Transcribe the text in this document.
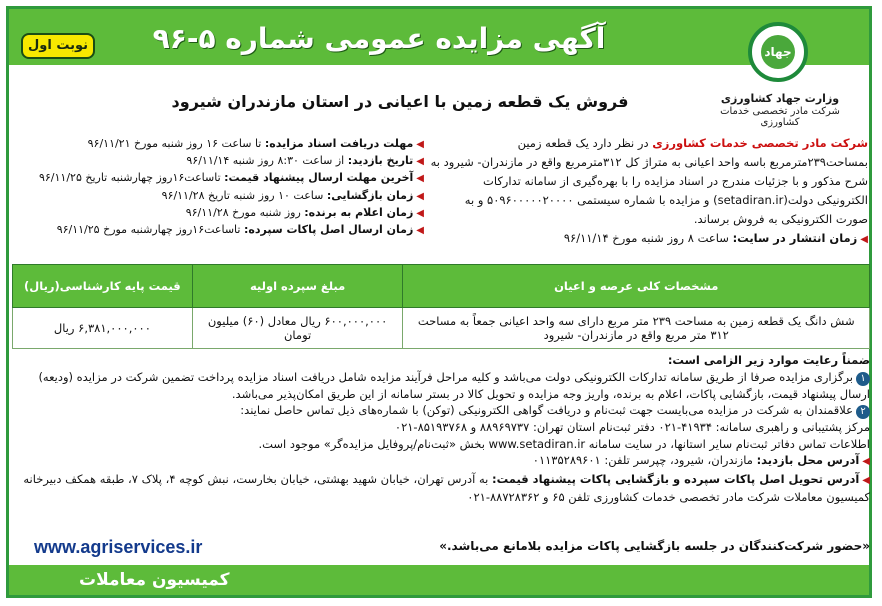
آگهی مزایده عمومی شماره ۵-۹۶
نوبت اول	جهاد
وزارت جهاد کشاورزی
شرکت مادر تخصصی خدمات کشاورزی
فروش یک قطعه زمین با اعیانی در استان مازندران شیرود
شرکت مادر تخصصی خدمات کشاورزی در نظر دارد یک قطعه زمین بمساحت۲۳۹مترمربع باسه واحد اعیانی به متراژ کل ۳۱۲مترمربع واقع در مازندران- شیرود به شرح مذکور و با جزئیات مندرج در اسناد مزایده را با بهره‌گیری از سامانه تدارکات الکترونیکی دولت(setadiran.ir) و مزایده با شماره سیستمی ۵۰۹۶۰۰۰۰۰۲۰۰۰۰ و به صورت الکترونیکی به فروش برساند.
◀زمان انتشار در سایت: ساعت ۸ روز شنبه مورخ ۹۶/۱۱/۱۴
◀مهلت دریافت اسناد مزایده: تا ساعت ۱۶ روز شنبه مورخ ۹۶/۱۱/۲۱
◀تاریخ بازدید: از ساعت ۸:۳۰ روز شنبه ۹۶/۱۱/۱۴
◀آخرین مهلت ارسال پیشنهاد قیمت: تاساعت۱۶روز چهارشنبه تاریخ ۹۶/۱۱/۲۵
◀زمان بازگشایی: ساعت ۱۰ روز شنبه تاریخ ۹۶/۱۱/۲۸
◀زمان اعلام به برنده: روز شنبه مورخ ۹۶/۱۱/۲۸
◀زمان ارسال اصل پاکات سپرده: تاساعت۱۶روز چهارشنبه مورخ ۹۶/۱۱/۲۵
مشخصات کلی عرصه و اعیان	مبلغ سپرده اولیه	قیمت پایه کارشناسی(ریال)
شش دانگ یک قطعه زمین به مساحت ۲۳۹ متر مربع دارای سه واحد اعیانی جمعاً به مساحت ۳۱۲ متر مربع واقع در مازندران- شیرود	۶۰۰,۰۰۰,۰۰۰ ریال معادل (۶۰) میلیون تومان	۶,۳۸۱,۰۰۰,۰۰۰ ریال
ضمناً رعایت موارد زیر الزامی است:
۱برگزاری مزایده صرفا از طریق سامانه تدارکات الکترونیکی دولت می‌باشد و کلیه مراحل فرآیند مزایده شامل دریافت اسناد مزایده پرداخت تضمین شرکت در مزایده (ودیعه) ارسال پیشنهاد قیمت، بازگشایی پاکات، اعلام به برنده، واریز وجه مزایده و تحویل کالا در بستر سامانه از این طریق امکان‌پذیر می‌باشد.
۲علاقمندان به شرکت در مزایده می‌بایست جهت ثبت‌نام و دریافت گواهی الکترونیکی (توکن) با شماره‌های ذیل تماس حاصل نمایند:
مرکز پشتیبانی و راهبری سامانه: ۴۱۹۳۴-۰۲۱ دفتر ثبت‌نام استان تهران: ۸۸۹۶۹۷۳۷ و ۸۵۱۹۳۷۶۸-۰۲۱
اطلاعات تماس دفاتر ثبت‌نام سایر استانها، در سایت سامانه www.setadiran.ir بخش «ثبت‌نام/پروفایل مزایده‌گر» موجود است.
◀آدرس محل بازدید: مازندران، شیرود، چپرسر تلفن: ۰۱۱۳۵۲۸۹۶۰۱
◀آدرس تحویل اصل پاکات سپرده و بازگشایی پاکات پیشنهاد قیمت: به آدرس تهران، خیابان شهید بهشتی، خیابان بخارست، نبش کوچه ۴، پلاک ۷، طبقه همکف دبیرخانه کمیسیون معاملات شرکت مادر تخصصی خدمات کشاورزی تلفن ۶۵ و ۸۸۷۲۸۳۶۲-۰۲۱
«حضور شرکت‌کنندگان در جلسه بازگشایی پاکات مزایده بلامانع می‌باشد.»
www.agriservices.ir
کمیسیون معاملات
